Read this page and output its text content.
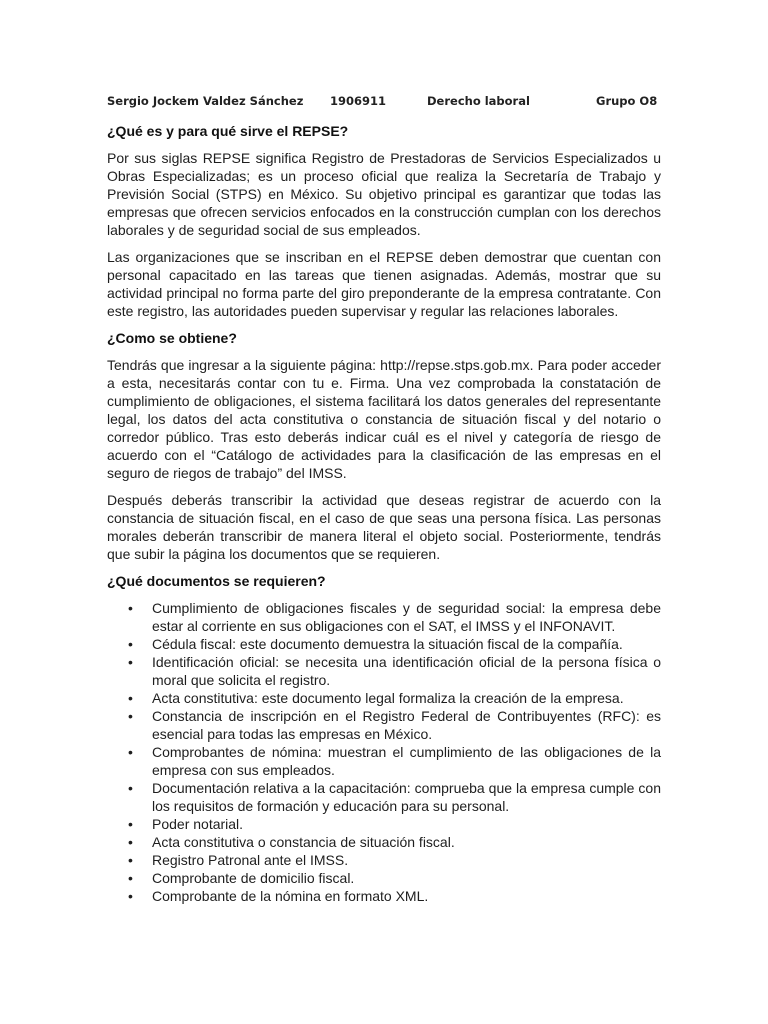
Sergio Jockem Valdez Sánchez 1906911	Derecho laboral	Grupo O8
¿Qué es y para qué sirve el REPSE?

Por sus siglas REPSE significa Registro de Prestadoras de Servicios Especializados u Obras Especializadas; es un proceso oficial que realiza la Secretaría de Trabajo y Previsión Social (STPS) en México. Su objetivo principal es garantizar que todas las empresas que ofrecen servicios enfocados en la construcción cumplan con los derechos laborales y de seguridad social de sus empleados.

Las organizaciones que se inscriban en el REPSE deben demostrar que cuentan con personal capacitado en las tareas que tienen asignadas. Además, mostrar que su actividad principal no forma parte del giro preponderante de la empresa contratante. Con este registro, las autoridades pueden supervisar y regular las relaciones laborales.

¿Como se obtiene?

Tendrás que ingresar a la siguiente página: http://repse.stps.gob.mx. Para poder acceder a esta, necesitarás contar con tu e. Firma. Una vez comprobada la constatación de cumplimiento de obligaciones, el sistema facilitará los datos generales del representante legal, los datos del acta constitutiva o constancia de situación fiscal y del notario o corredor público. Tras esto deberás indicar cuál es el nivel y categoría de riesgo de acuerdo con el “Catálogo de actividades para la clasificación de las empresas en el seguro de riegos de trabajo” del IMSS.

Después deberás transcribir la actividad que deseas registrar de acuerdo con la constancia de situación fiscal, en el caso de que seas una persona física. Las personas morales deberán transcribir de manera literal el objeto social. Posteriormente, tendrás que subir la página los documentos que se requieren.

¿Qué documentos se requieren?
• Cumplimiento de obligaciones fiscales y de seguridad social: la empresa debe estar al corriente en sus obligaciones con el SAT, el IMSS y el INFONAVIT.
• Cédula fiscal: este documento demuestra la situación fiscal de la compañía.
• Identificación oficial: se necesita una identificación oficial de la persona física o moral que solicita el registro.
• Acta constitutiva: este documento legal formaliza la creación de la empresa.
• Constancia de inscripción en el Registro Federal de Contribuyentes (RFC): es esencial para todas las empresas en México.
• Comprobantes de nómina: muestran el cumplimiento de las obligaciones de la empresa con sus empleados.
• Documentación relativa a la capacitación: comprueba que la empresa cumple con los requisitos de formación y educación para su personal.
• Poder notarial.
• Acta constitutiva o constancia de situación fiscal.
• Registro Patronal ante el IMSS.
• Comprobante de domicilio fiscal.
• Comprobante de la nómina en formato XML.
